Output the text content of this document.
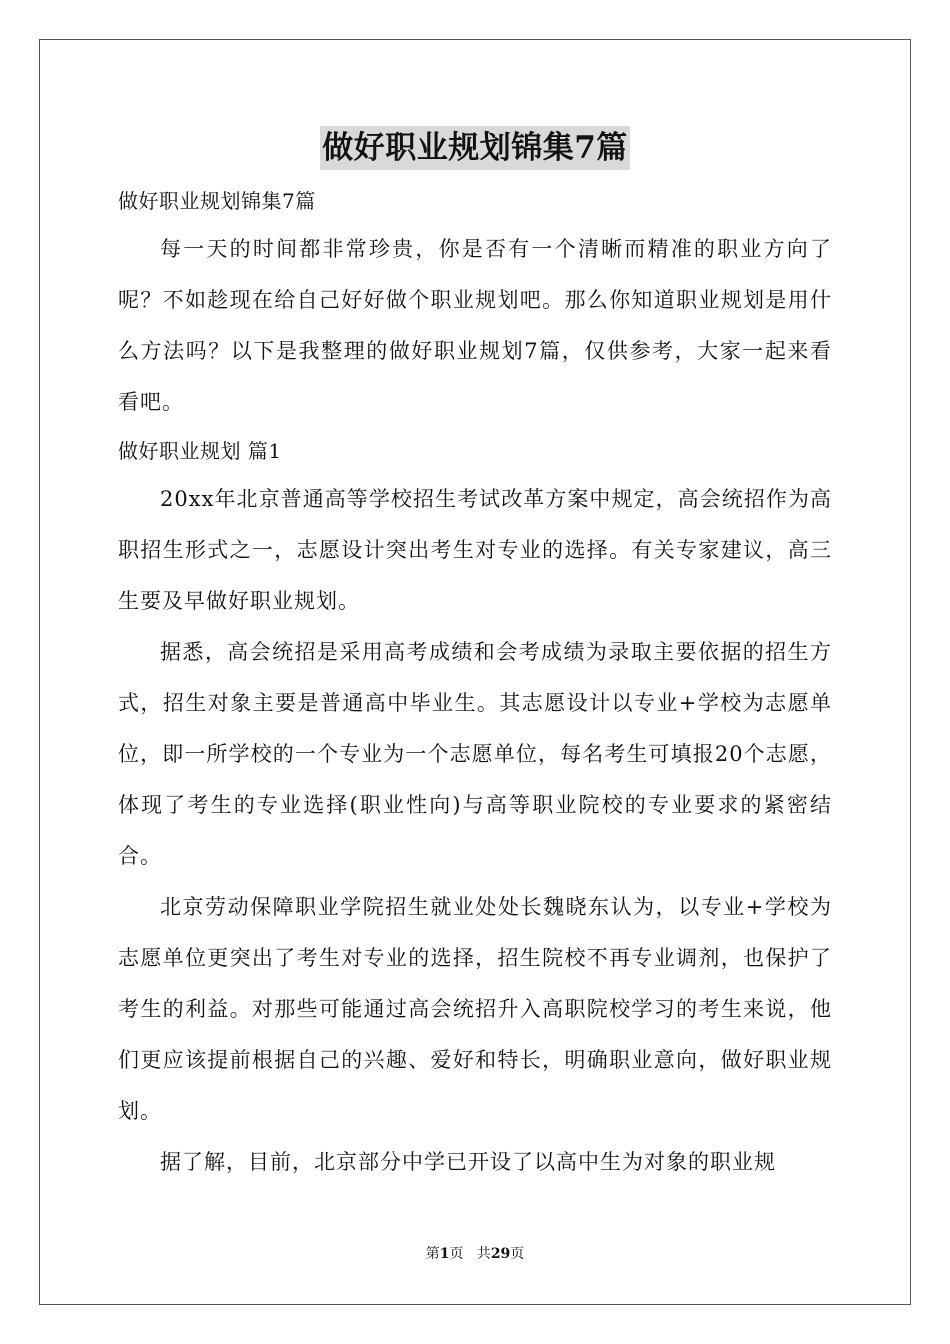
做好职业规划锦集7篇

做好职业规划锦集7篇

每一天的时间都非常珍贵，你是否有一个清晰而精准的职业方向了呢？不如趁现在给自己好好做个职业规划吧。那么你知道职业规划是用什么方法吗？以下是我整理的做好职业规划7篇，仅供参考，大家一起来看看吧。

做好职业规划 篇1

20xx年北京普通高等学校招生考试改革方案中规定，高会统招作为高职招生形式之一，志愿设计突出考生对专业的选择。有关专家建议，高三生要及早做好职业规划。

据悉，高会统招是采用高考成绩和会考成绩为录取主要依据的招生方式，招生对象主要是普通高中毕业生。其志愿设计以专业+学校为志愿单位，即一所学校的一个专业为一个志愿单位，每名考生可填报20个志愿，体现了考生的专业选择(职业性向)与高等职业院校的专业要求的紧密结合。

北京劳动保障职业学院招生就业处处长魏晓东认为，以专业+学校为志愿单位更突出了考生对专业的选择，招生院校不再专业调剂，也保护了考生的利益。对那些可能通过高会统招升入高职院校学习的考生来说，他们更应该提前根据自己的兴趣、爱好和特长，明确职业意向，做好职业规划。

据了解，目前，北京部分中学已开设了以高中生为对象的职业规

第1页   共29页
